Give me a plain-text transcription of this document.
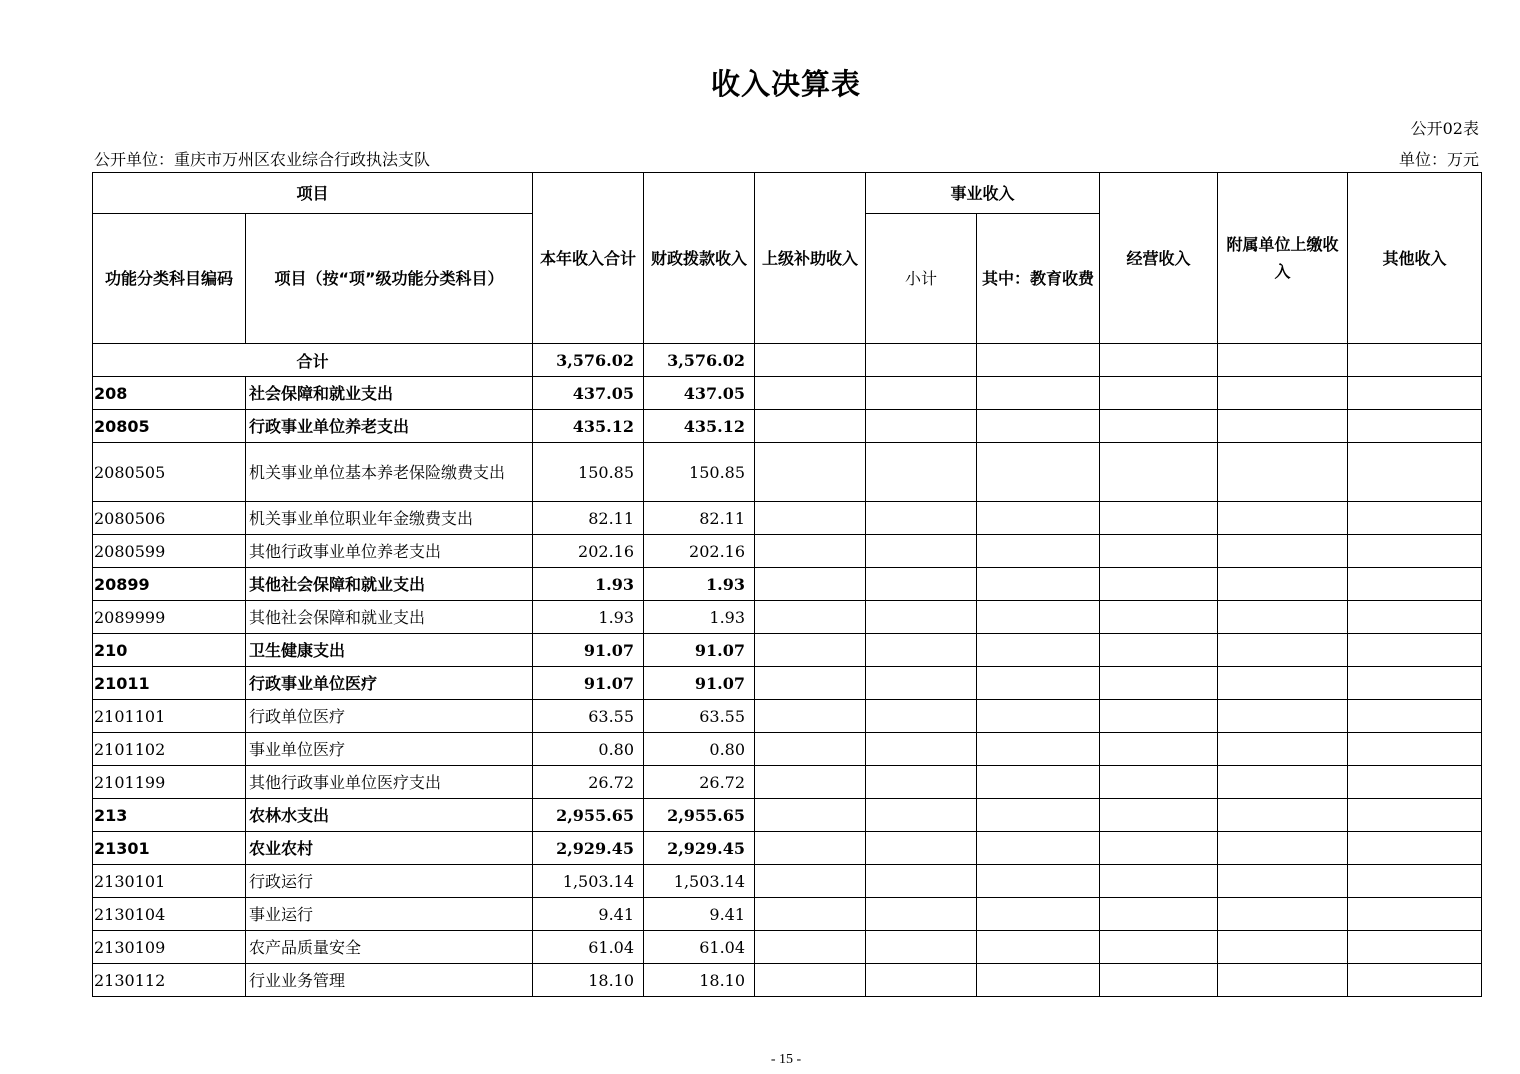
收入决算表
公开02表
公开单位：重庆市万州区农业综合行政执法支队	单位：万元
项目		本年收入合计	财政拨款收入	上级补助收入	事业收入		经营收入	附属单位上缴收入	其他收入
功能分类科目编码	项目（按“项”级功能分类科目）				小计	其中：教育收费			
合计		3,576.02	3,576.02						
208	社会保障和就业支出	437.05	437.05						
20805	行政事业单位养老支出	435.12	435.12						
2080505	机关事业单位基本养老保险缴费支出	150.85	150.85						
2080506	机关事业单位职业年金缴费支出	82.11	82.11						
2080599	其他行政事业单位养老支出	202.16	202.16						
20899	其他社会保障和就业支出	1.93	1.93						
2089999	其他社会保障和就业支出	1.93	1.93						
210	卫生健康支出	91.07	91.07						
21011	行政事业单位医疗	91.07	91.07						
2101101	行政单位医疗	63.55	63.55						
2101102	事业单位医疗	0.80	0.80						
2101199	其他行政事业单位医疗支出	26.72	26.72						
213	农林水支出	2,955.65	2,955.65						
21301	农业农村	2,929.45	2,929.45						
2130101	行政运行	1,503.14	1,503.14						
2130104	事业运行	9.41	9.41						
2130109	农产品质量安全	61.04	61.04						
2130112	行业业务管理	18.10	18.10						
- 15 -
